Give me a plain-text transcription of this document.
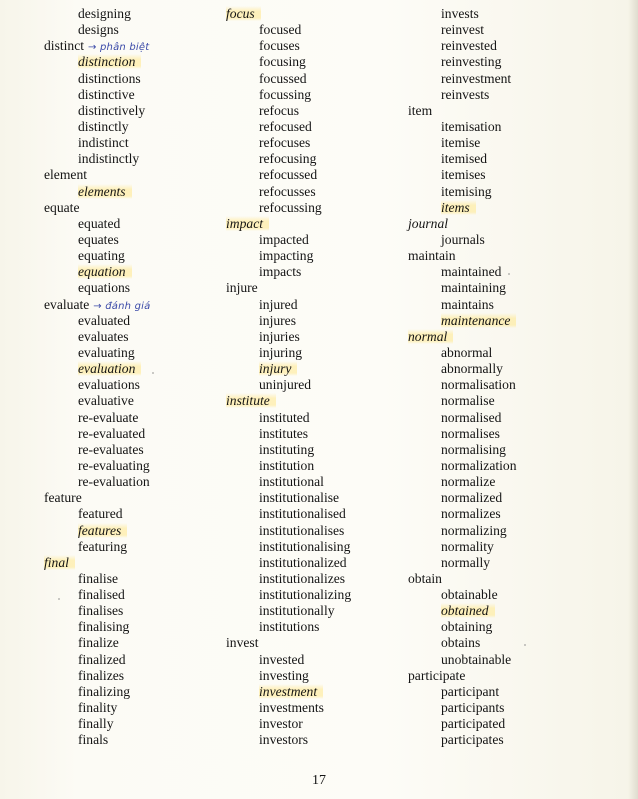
designing
designs
distinct → phân biệt
distinction
distinctions
distinctive
distinctively
distinctly
indistinct
indistinctly
element
elements
equate
equated
equates
equating
equation
equations
evaluate → đánh giá
evaluated
evaluates
evaluating
evaluation
evaluations
evaluative
re-evaluate
re-evaluated
re-evaluates
re-evaluating
re-evaluation
feature
featured
features
featuring
final
finalise
finalised
finalises
finalising
finalize
finalized
finalizes
finalizing
finality
finally
finals
focus
focused
focuses
focusing
focussed
focussing
refocus
refocused
refocuses
refocusing
refocussed
refocusses
refocussing
impact
impacted
impacting
impacts
injure
injured
injures
injuries
injuring
injury
uninjured
institute
instituted
institutes
instituting
institution
institutional
institutionalise
institutionalised
institutionalises
institutionalising
institutionalized
institutionalizes
institutionalizing
institutionally
institutions
invest
invested
investing
investment
investments
investor
investors
invests
reinvest
reinvested
reinvesting
reinvestment
reinvests
item
itemisation
itemise
itemised
itemises
itemising
items
journal
journals
maintain
maintained
maintaining
maintains
maintenance
normal
abnormal
abnormally
normalisation
normalise
normalised
normalises
normalising
normalization
normalize
normalized
normalizes
normalizing
normality
normally
obtain
obtainable
obtained
obtaining
obtains
unobtainable
participate
participant
participants
participated
participates
17
